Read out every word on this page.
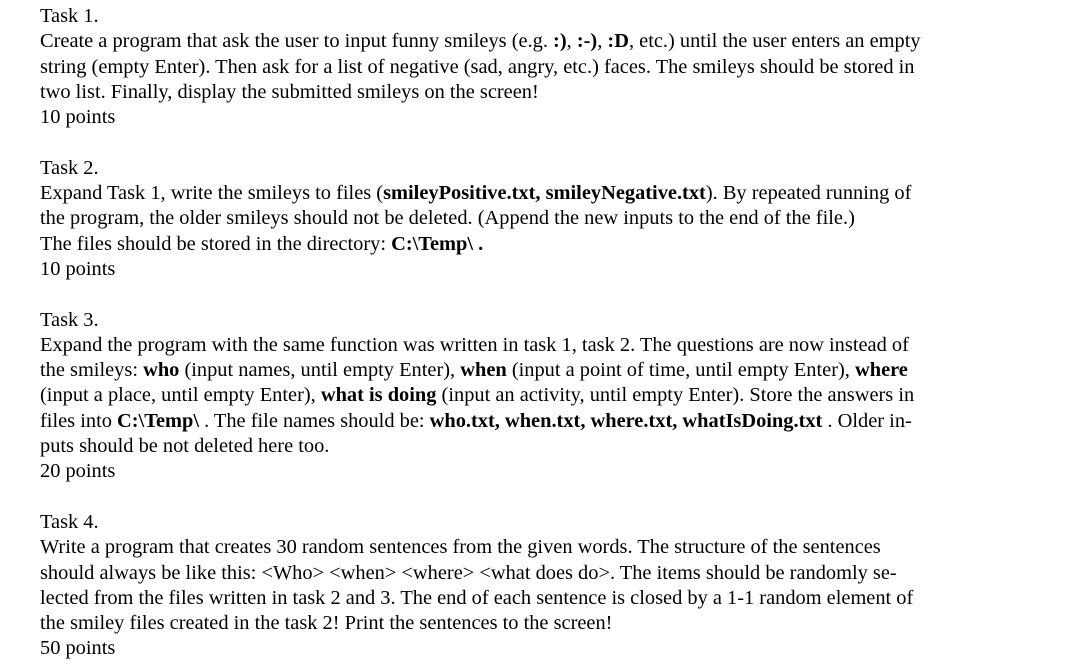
Task 1.
Create a program that ask the user to input funny smileys (e.g. :), :-), :D, etc.) until the user enters an empty
string (empty Enter). Then ask for a list of negative (sad, angry, etc.) faces. The smileys should be stored in
two list. Finally, display the submitted smileys on the screen!
10 points
Task 2.
Expand Task 1, write the smileys to files (smileyPositive.txt, smileyNegative.txt). By repeated running of
the program, the older smileys should not be deleted. (Append the new inputs to the end of the file.)
The files should be stored in the directory: C:\Temp\ .
10 points
Task 3.
Expand the program with the same function was written in task 1, task 2. The questions are now instead of
the smileys: who (input names, until empty Enter), when (input a point of time, until empty Enter), where
(input a place, until empty Enter), what is doing (input an activity, until empty Enter). Store the answers in
files into C:\Temp\ . The file names should be: who.txt, when.txt, where.txt, whatIsDoing.txt . Older in-
puts should be not deleted here too.
20 points
Task 4.
Write a program that creates 30 random sentences from the given words. The structure of the sentences
should always be like this: <Who> <when> <where> <what does do>. The items should be randomly se-
lected from the files written in task 2 and 3. The end of each sentence is closed by a 1-1 random element of
the smiley files created in the task 2! Print the sentences to the screen!
50 points
